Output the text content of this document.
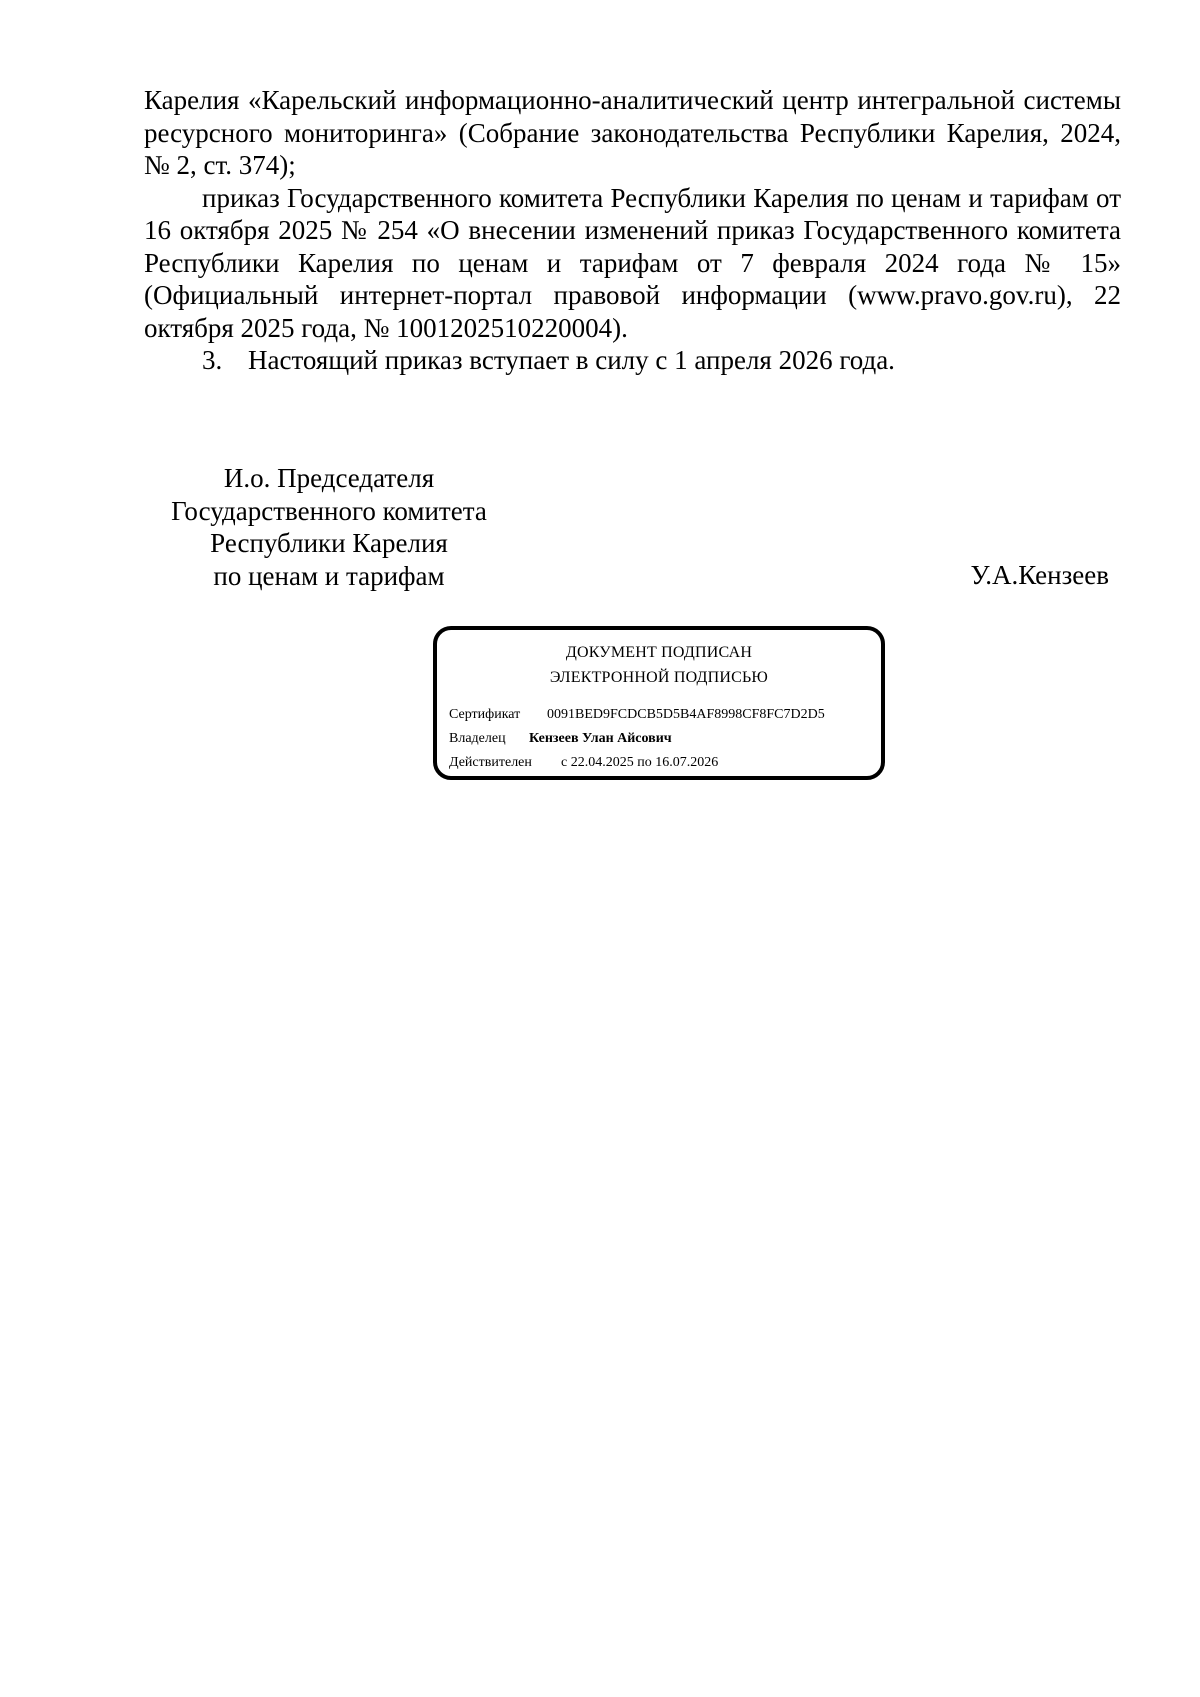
Карелия «Карельский информационно-аналитический центр интегральной системы ресурсного мониторинга» (Собрание законодательства Республики Карелия, 2024, № 2, ст. 374);

приказ Государственного комитета Республики Карелия по ценам и тарифам от 16 октября 2025 № 254 «О внесении изменений приказ Государственного комитета Республики Карелия по ценам и тарифам от 7 февраля 2024 года № 15» (Официальный интернет-портал правовой информации (www.pravo.gov.ru), 22 октября 2025 года, № 1001202510220004).

3. Настоящий приказ вступает в силу с 1 апреля 2026 года.

И.о. Председателя
Государственного комитета
Республики Карелия
по ценам и тарифам	У.А.Кензеев
ДОКУМЕНТ ПОДПИСАН
ЭЛЕКТРОННОЙ ПОДПИСЬЮ
Сертификат 0091BED9FCDCB5D5B4AF8998CF8FC7D2D5
Владелец Кензеев Улан Айсович
Действителен с 22.04.2025 по 16.07.2026
